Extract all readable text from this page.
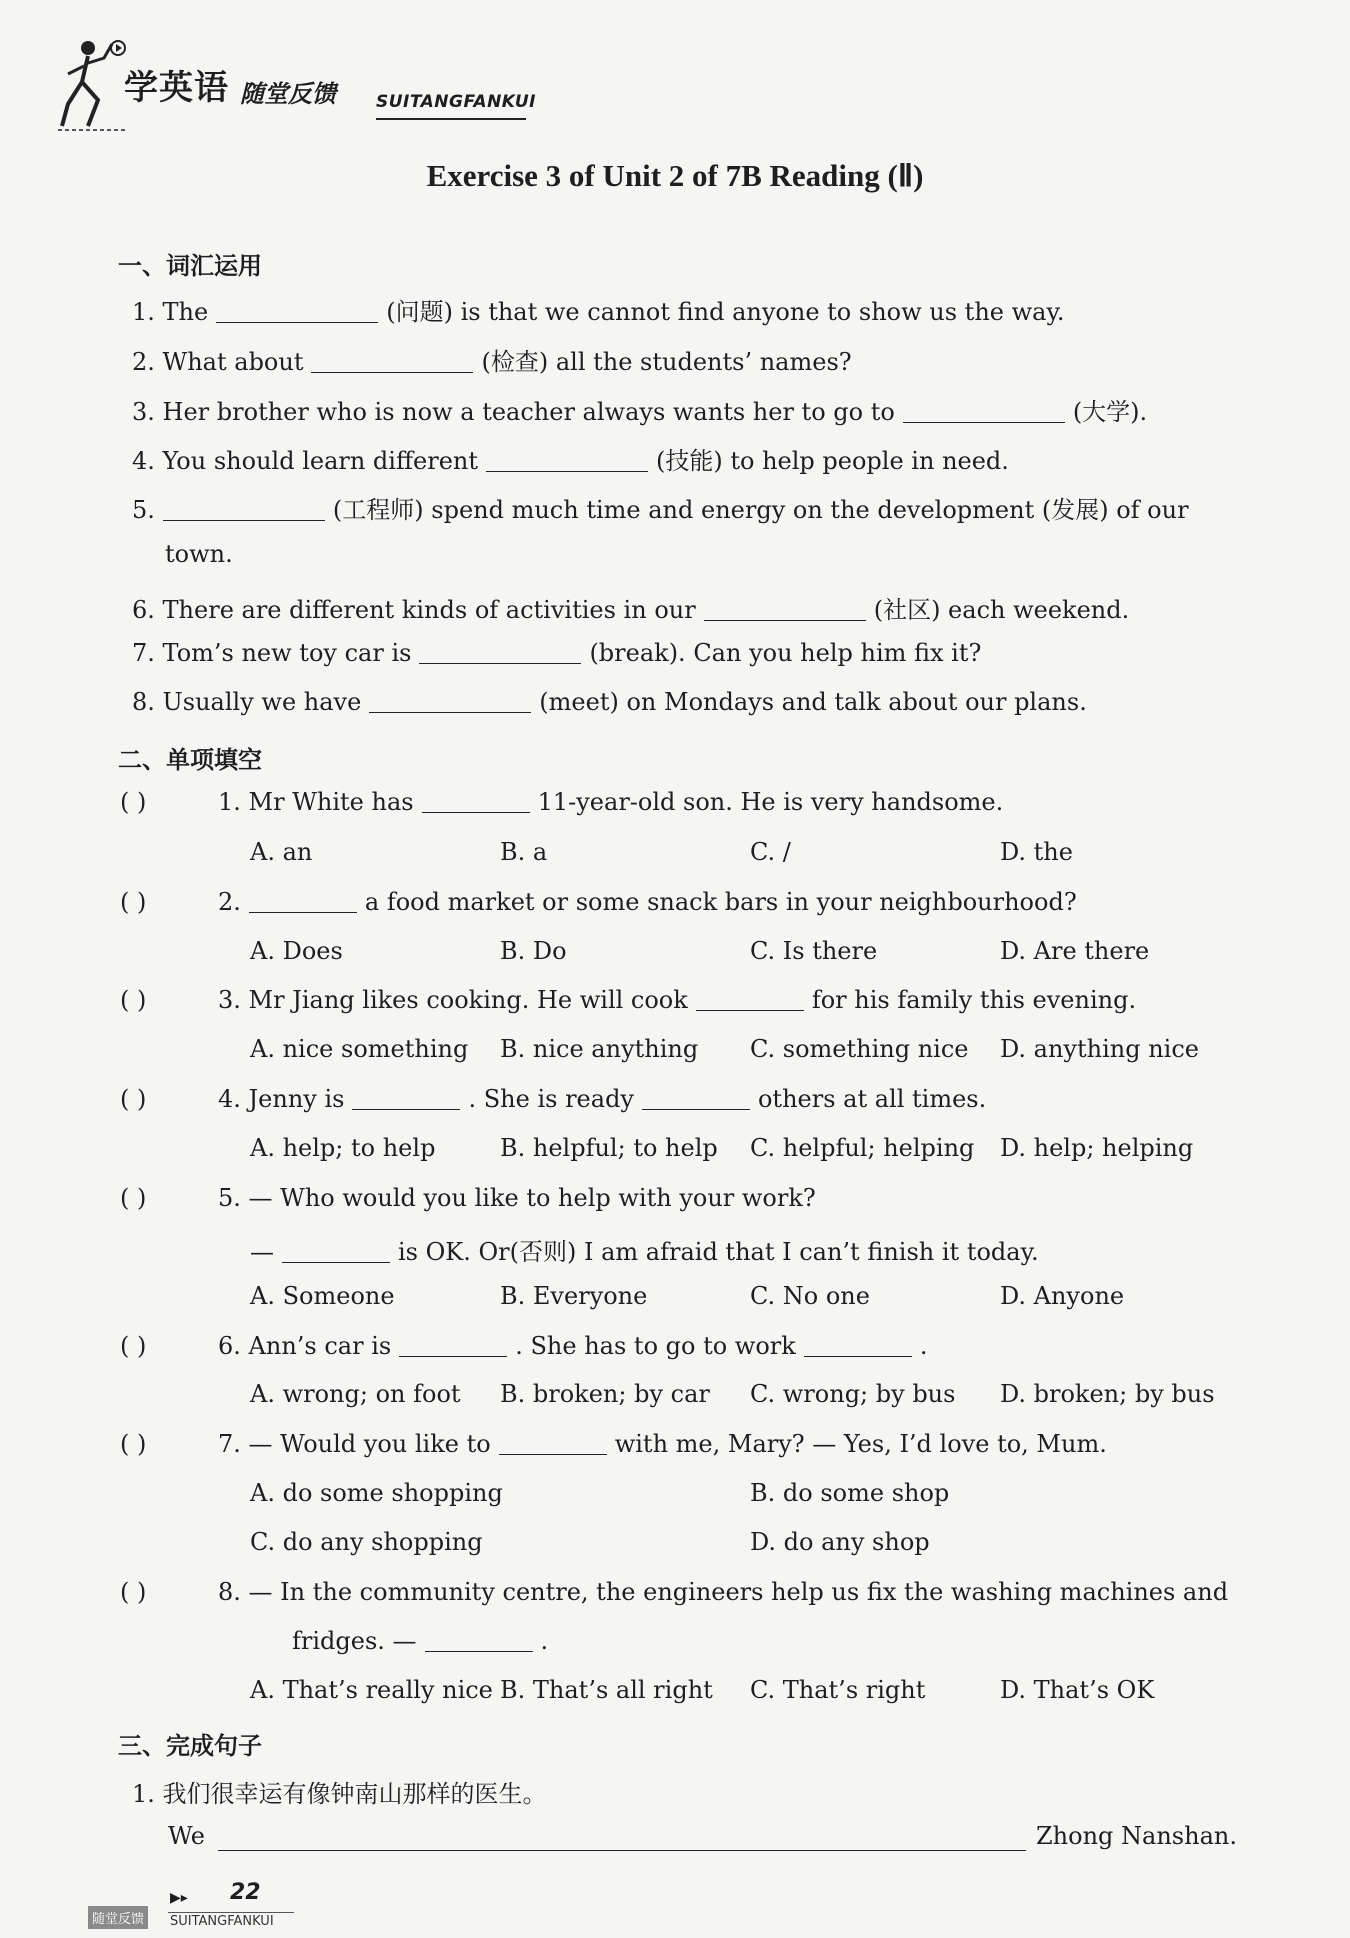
学英语 随堂反馈 SUITANGFANKUI
Exercise 3 of Unit 2 of 7B Reading (Ⅱ)
一、词汇运用
1. The	(问题) is that we cannot find anyone to show us the way.
2. What about	(检查) all the students’ names?
3. Her brother who is now a teacher always wants her to go to	(大学).
4. You should learn different	(技能) to help people in need.
5.	(工程师) spend much time and energy on the development (发展) of our
town.
6. There are different kinds of activities in our	(社区) each weekend.
7. Tom’s new toy car is	(break). Can you help him fix it?
8. Usually we have	(meet) on Mondays and talk about our plans.
二、单项填空
( )	1. Mr White has	11-year-old son. He is very handsome.
A. an	B. a	C. /	D. the
( )	2.	a food market or some snack bars in your neighbourhood?
A. Does	B. Do	C. Is there	D. Are there
( )	3. Mr Jiang likes cooking. He will cook	for his family this evening.
A. nice something B. nice anything C. something nice D. anything nice
( )	4. Jenny is	. She is ready	others at all times.
A. help; to help	B. helpful; to help C. helpful; helping D. help; helping
( )	5. — Who would you like to help with your work?
—	is OK. Or(否则) I am afraid that I can’t finish it today.
A. Someone	B. Everyone	C. No one	D. Anyone
( )	6. Ann’s car is	. She has to go to work	.
A. wrong; on foot B. broken; by car C. wrong; by bus D. broken; by bus
( )	7. — Would you like to	with me, Mary? — Yes, I’d love to, Mum.
A. do some shopping	B. do some shop
C. do any shopping	D. do any shop
( )	8. — In the community centre, the engineers help us fix the washing machines and
fridges. —	.
A. That’s really nice B. That’s all right C. That’s right	D. That’s OK
三、完成句子
1. 我们很幸运有像钟南山那样的医生。
We	Zhong Nanshan.
▶▸ 22
随堂反馈	SUITANGFANKUI
